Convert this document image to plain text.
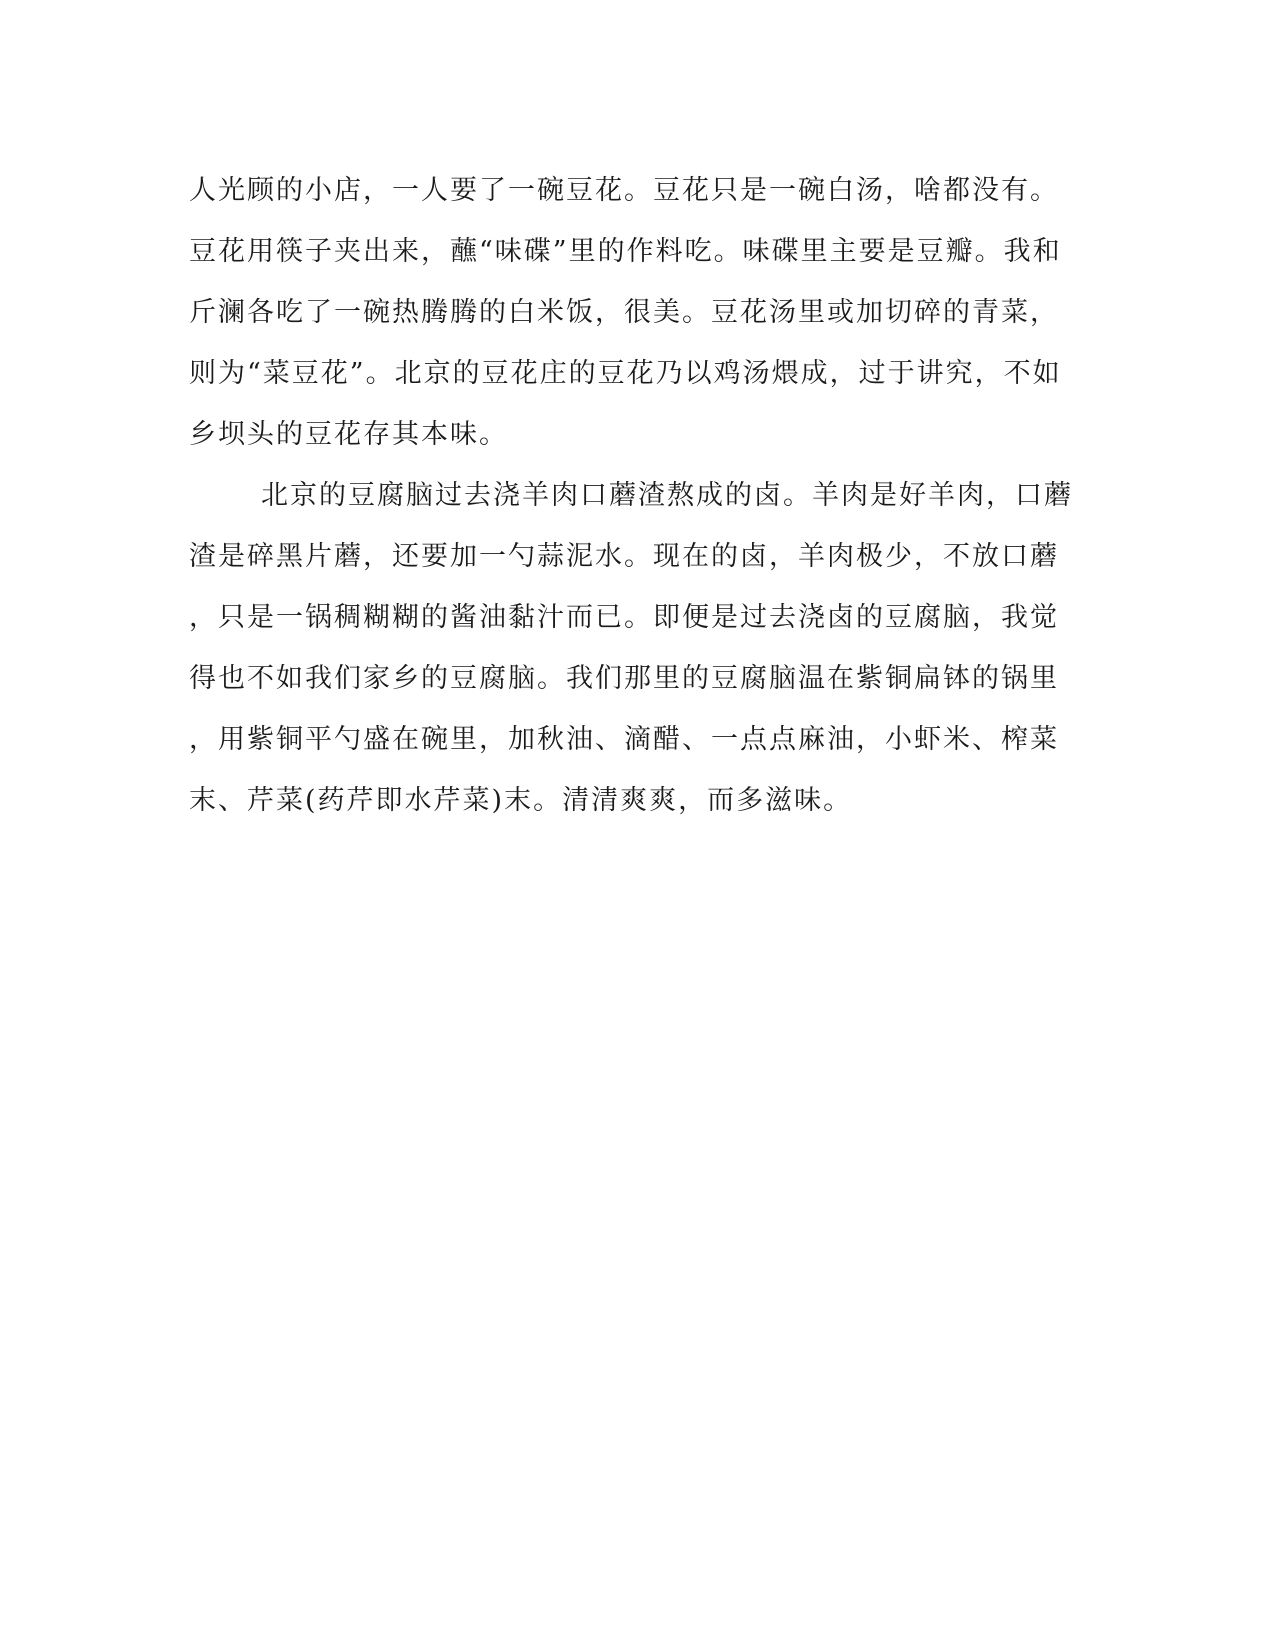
人光顾的小店，一人要了一碗豆花。豆花只是一碗白汤，啥都没有。
豆花用筷子夹出来，蘸“味碟”里的作料吃。味碟里主要是豆瓣。我和
斤澜各吃了一碗热腾腾的白米饭，很美。豆花汤里或加切碎的青菜，
则为“菜豆花”。北京的豆花庄的豆花乃以鸡汤煨成，过于讲究，不如
乡坝头的豆花存其本味。
北京的豆腐脑过去浇羊肉口蘑渣熬成的卤。羊肉是好羊肉，口蘑
渣是碎黑片蘑，还要加一勺蒜泥水。现在的卤，羊肉极少，不放口蘑
，只是一锅稠糊糊的酱油黏汁而已。即便是过去浇卤的豆腐脑，我觉
得也不如我们家乡的豆腐脑。我们那里的豆腐脑温在紫铜扁钵的锅里
，用紫铜平勺盛在碗里，加秋油、滴醋、一点点麻油，小虾米、榨菜
末、芹菜(药芹即水芹菜)末。清清爽爽，而多滋味。
